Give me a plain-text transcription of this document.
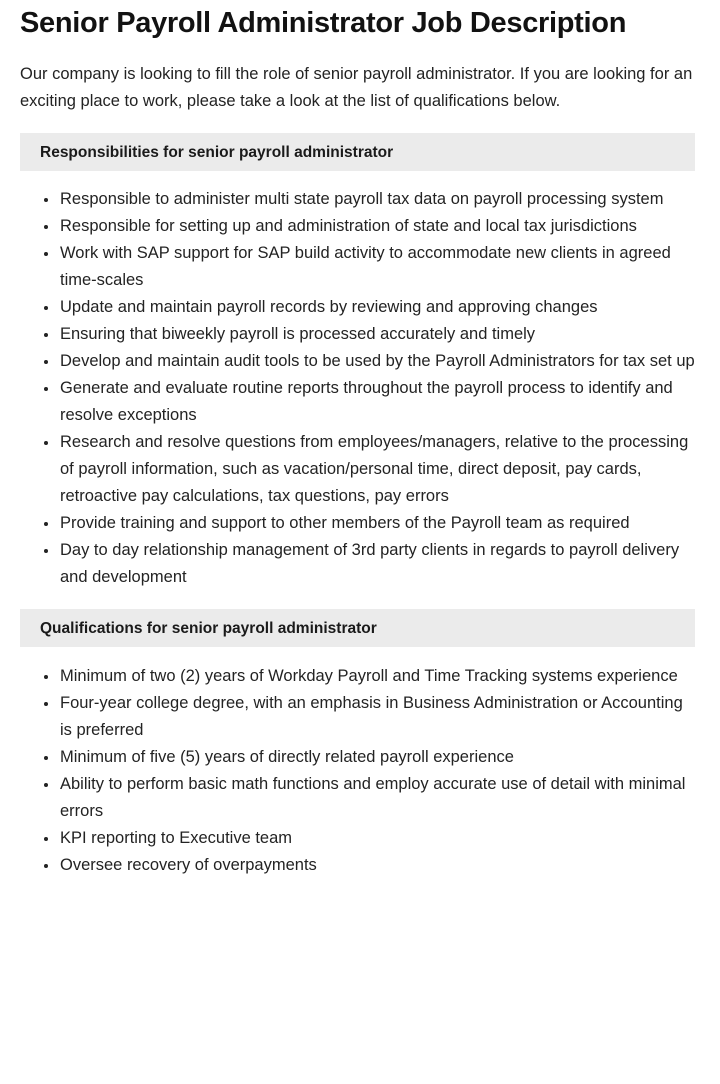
Senior Payroll Administrator Job Description

Our company is looking to fill the role of senior payroll administrator. If you are looking for an exciting place to work, please take a look at the list of qualifications below.

Responsibilities for senior payroll administrator
Responsible to administer multi state payroll tax data on payroll processing system
Responsible for setting up and administration of state and local tax jurisdictions
Work with SAP support for SAP build activity to accommodate new clients in agreed time-scales
Update and maintain payroll records by reviewing and approving changes
Ensuring that biweekly payroll is processed accurately and timely
Develop and maintain audit tools to be used by the Payroll Administrators for tax set up
Generate and evaluate routine reports throughout the payroll process to identify and resolve exceptions
Research and resolve questions from employees/managers, relative to the processing of payroll information, such as vacation/personal time, direct deposit, pay cards, retroactive pay calculations, tax questions, pay errors
Provide training and support to other members of the Payroll team as required
Day to day relationship management of 3rd party clients in regards to payroll delivery and development
Qualifications for senior payroll administrator
Minimum of two (2) years of Workday Payroll and Time Tracking systems experience
Four-year college degree, with an emphasis in Business Administration or Accounting is preferred
Minimum of five (5) years of directly related payroll experience
Ability to perform basic math functions and employ accurate use of detail with minimal errors
KPI reporting to Executive team
Oversee recovery of overpayments
